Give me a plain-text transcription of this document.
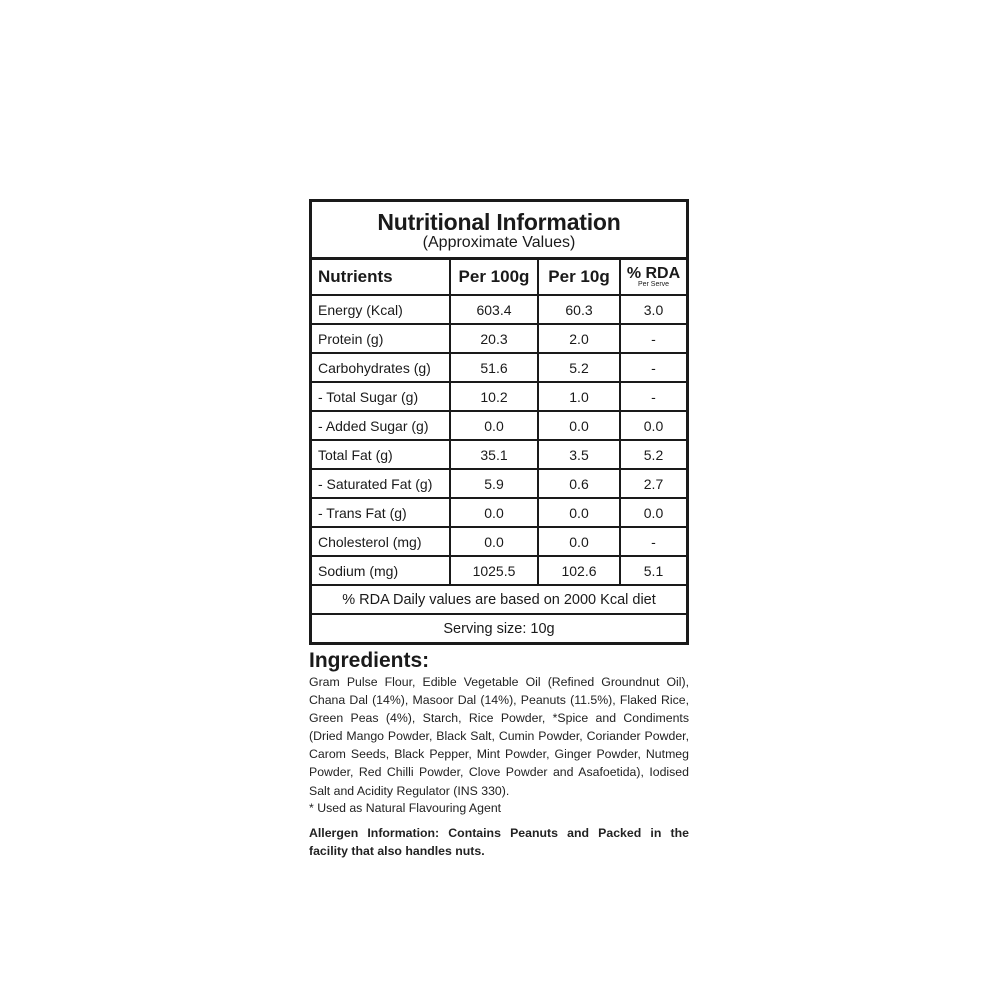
Nutritional Information
(Approximate Values)
Nutrients	Per 100g	Per 10g	% RDA
Per Serve
Energy (Kcal)	603.4	60.3	3.0
Protein (g)	20.3	2.0	-
Carbohydrates (g)	51.6	5.2	-
- Total Sugar (g)	10.2	1.0	-
- Added Sugar (g)	0.0	0.0	0.0
Total Fat (g)	35.1	3.5	5.2
- Saturated Fat (g)	5.9	0.6	2.7
- Trans Fat (g)	0.0	0.0	0.0
Cholesterol (mg)	0.0	0.0	-
Sodium (mg)	1025.5	102.6	5.1
% RDA Daily values are based on 2000 Kcal diet
Serving size: 10g
Ingredients:
Gram Pulse Flour, Edible Vegetable Oil (Refined Groundnut Oil), Chana Dal (14%), Masoor Dal (14%), Peanuts (11.5%), Flaked Rice, Green Peas (4%), Starch, Rice Powder, *Spice and Condiments (Dried Mango Powder, Black Salt, Cumin Powder, Coriander Powder, Carom Seeds, Black Pepper, Mint Powder, Ginger Powder, Nutmeg Powder, Red Chilli Powder, Clove Powder and Asafoetida), Iodised Salt and Acidity Regulator (INS 330).
* Used as Natural Flavouring Agent
Allergen Information: Contains Peanuts and Packed in the facility that also handles nuts.
